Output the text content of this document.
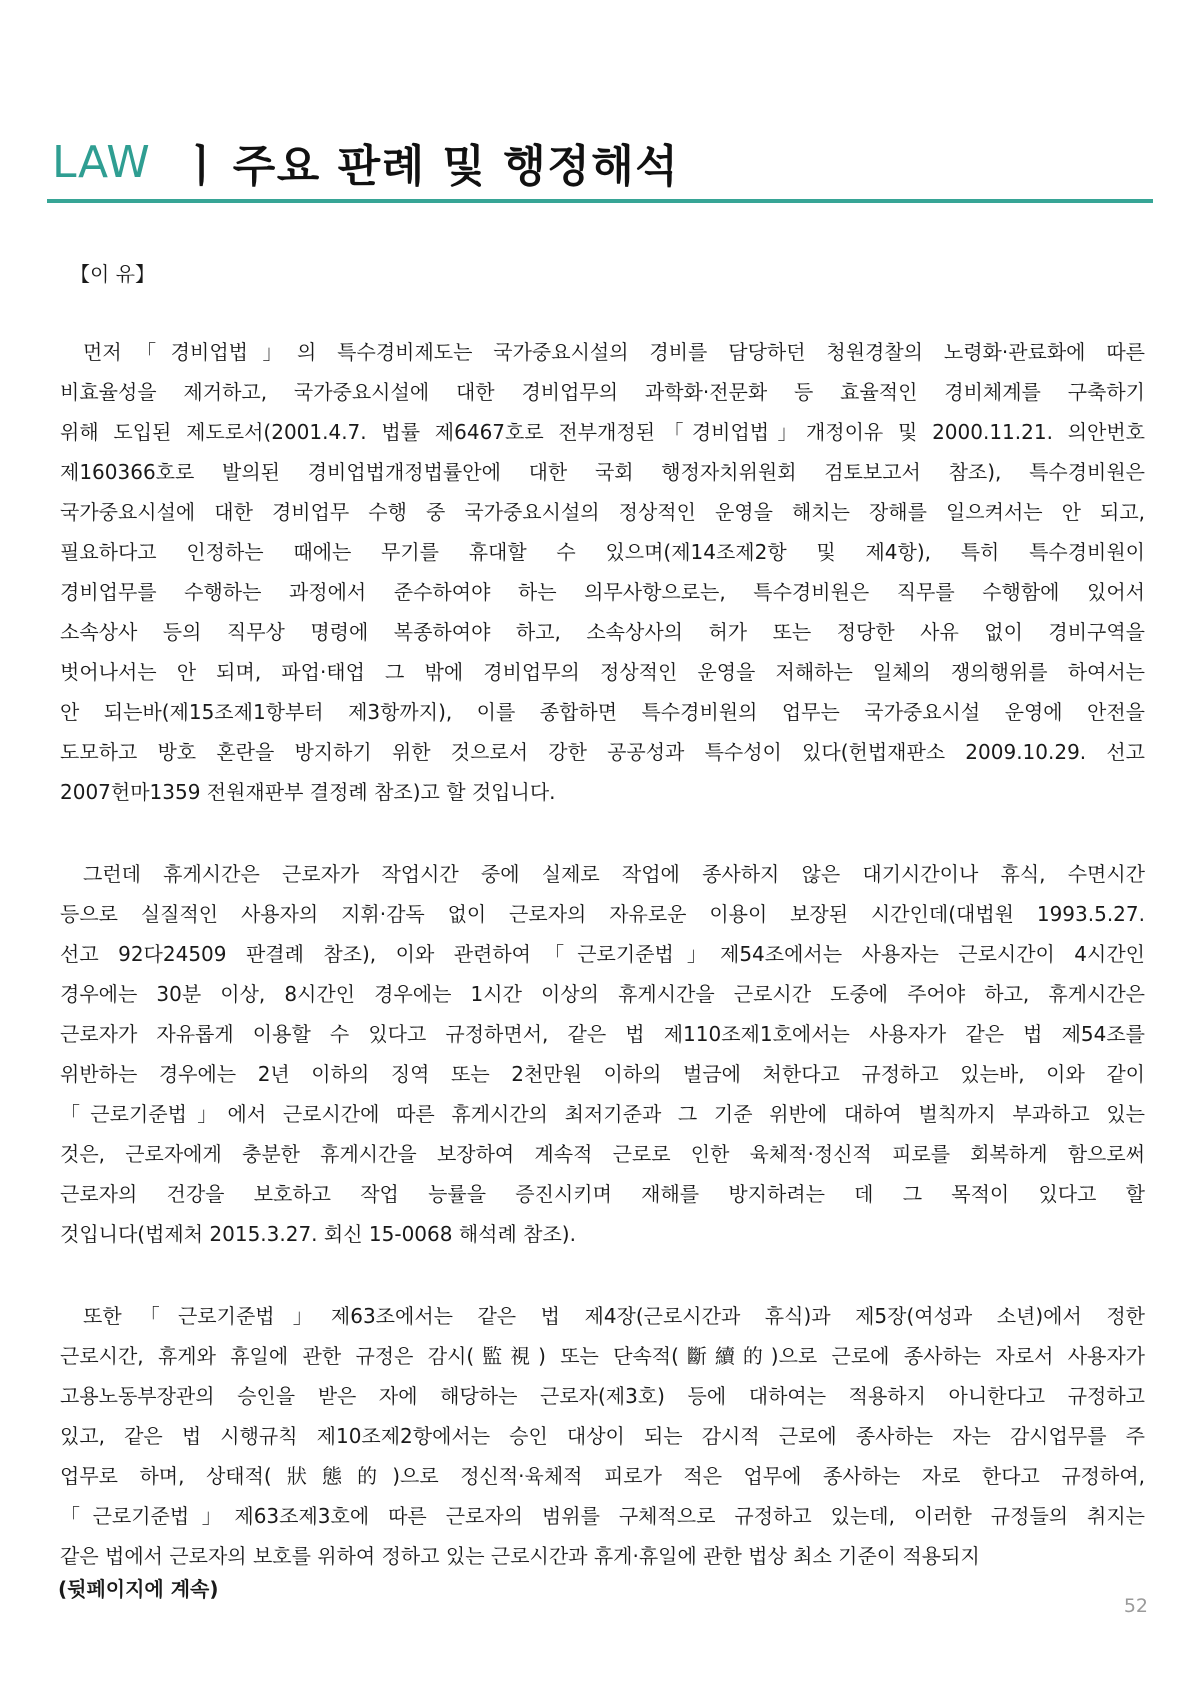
LAW ㅣ 주요 판례 및 행정해석
【이 유】
먼저「경비업법」의 특수경비제도는 국가중요시설의 경비를 담당하던 청원경찰의 노령화·관료화에 따른
비효율성을 제거하고, 국가중요시설에 대한 경비업무의 과학화·전문화 등 효율적인 경비체계를 구축하기
위해 도입된 제도로서(2001.4.7. 법률 제6467호로 전부개정된「경비업법」개정이유 및 2000.11.21. 의안번호
제160366호로 발의된 경비업법개정법률안에 대한 국회 행정자치위원회 검토보고서 참조), 특수경비원은
국가중요시설에 대한 경비업무 수행 중 국가중요시설의 정상적인 운영을 해치는 장해를 일으켜서는 안 되고,
필요하다고 인정하는 때에는 무기를 휴대할 수 있으며(제14조제2항 및 제4항), 특히 특수경비원이
경비업무를 수행하는 과정에서 준수하여야 하는 의무사항으로는, 특수경비원은 직무를 수행함에 있어서
소속상사 등의 직무상 명령에 복종하여야 하고, 소속상사의 허가 또는 정당한 사유 없이 경비구역을
벗어나서는 안 되며, 파업·태업 그 밖에 경비업무의 정상적인 운영을 저해하는 일체의 쟁의행위를 하여서는
안 되는바(제15조제1항부터 제3항까지), 이를 종합하면 특수경비원의 업무는 국가중요시설 운영에 안전을
도모하고 방호 혼란을 방지하기 위한 것으로서 강한 공공성과 특수성이 있다(헌법재판소 2009.10.29. 선고
2007헌마1359 전원재판부 결정례 참조)고 할 것입니다.
그런데 휴게시간은 근로자가 작업시간 중에 실제로 작업에 종사하지 않은 대기시간이나 휴식, 수면시간
등으로 실질적인 사용자의 지휘·감독 없이 근로자의 자유로운 이용이 보장된 시간인데(대법원 1993.5.27.
선고 92다24509 판결례 참조), 이와 관련하여「근로기준법」제54조에서는 사용자는 근로시간이 4시간인
경우에는 30분 이상, 8시간인 경우에는 1시간 이상의 휴게시간을 근로시간 도중에 주어야 하고, 휴게시간은
근로자가 자유롭게 이용할 수 있다고 규정하면서, 같은 법 제110조제1호에서는 사용자가 같은 법 제54조를
위반하는 경우에는 2년 이하의 징역 또는 2천만원 이하의 벌금에 처한다고 규정하고 있는바, 이와 같이
「근로기준법」에서 근로시간에 따른 휴게시간의 최저기준과 그 기준 위반에 대하여 벌칙까지 부과하고 있는
것은, 근로자에게 충분한 휴게시간을 보장하여 계속적 근로로 인한 육체적·정신적 피로를 회복하게 함으로써
근로자의 건강을 보호하고 작업 능률을 증진시키며 재해를 방지하려는 데 그 목적이 있다고 할
것입니다(법제처 2015.3.27. 회신 15-0068 해석례 참조).
또한「근로기준법」제63조에서는 같은 법 제4장(근로시간과 휴식)과 제5장(여성과 소년)에서 정한
근로시간, 휴게와 휴일에 관한 규정은 감시(監視) 또는 단속적(斷續的)으로 근로에 종사하는 자로서 사용자가
고용노동부장관의 승인을 받은 자에 해당하는 근로자(제3호) 등에 대하여는 적용하지 아니한다고 규정하고
있고, 같은 법 시행규칙 제10조제2항에서는 승인 대상이 되는 감시적 근로에 종사하는 자는 감시업무를 주
업무로 하며, 상태적(狀態的)으로 정신적·육체적 피로가 적은 업무에 종사하는 자로 한다고 규정하여,
「근로기준법」제63조제3호에 따른 근로자의 범위를 구체적으로 규정하고 있는데, 이러한 규정들의 취지는
같은 법에서 근로자의 보호를 위하여 정하고 있는 근로시간과 휴게·휴일에 관한 법상 최소 기준이 적용되지
(뒷페이지에 계속)
52
